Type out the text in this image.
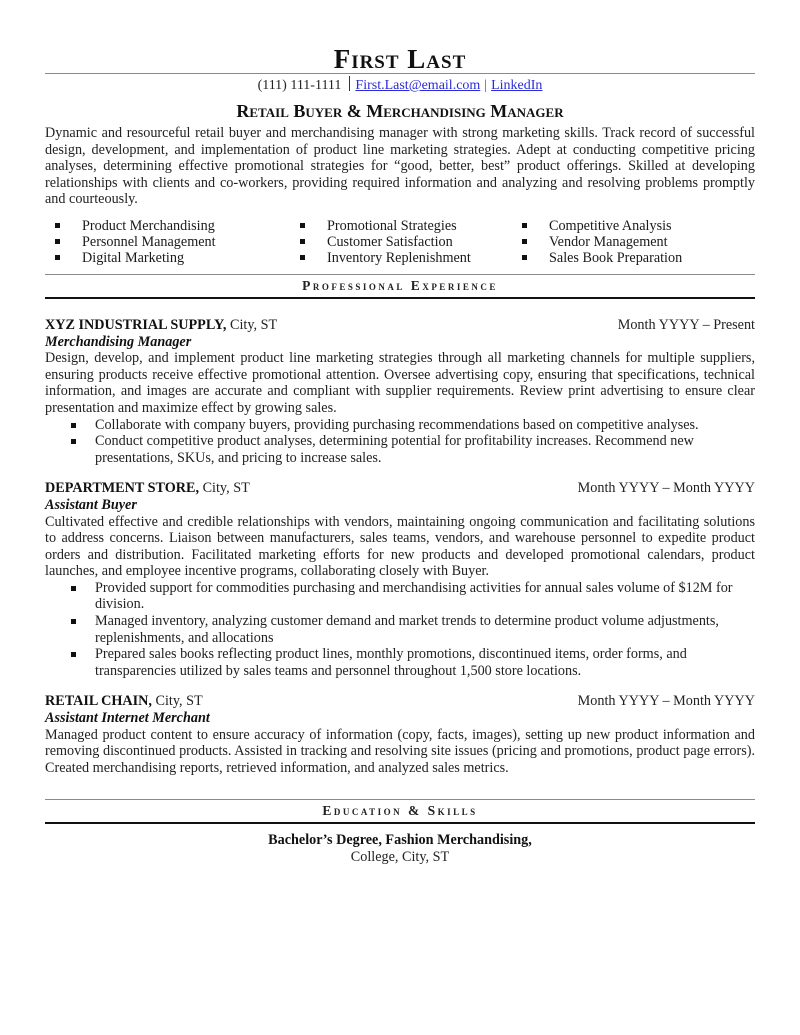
First Last
(111) 111-1111 First.Last@email.com | LinkedIn
Retail Buyer & Merchandising Manager
Dynamic and resourceful retail buyer and merchandising manager with strong marketing skills. Track record of successful design, development, and implementation of product line marketing strategies. Adept at conducting competitive pricing analyses, determining effective promotional strategies for “good, better, best” product offerings. Skilled at developing relationships with clients and co-workers, providing required information and analyzing and resolving problems promptly and courteously.
Product Merchandising
Personnel Management
Digital Marketing
Promotional Strategies
Customer Satisfaction
Inventory Replenishment
Competitive Analysis
Vendor Management
Sales Book Preparation
Professional Experience
XYZ INDUSTRIAL SUPPLY, City, ST	Month YYYY – Present
Merchandising Manager
Design, develop, and implement product line marketing strategies through all marketing channels for multiple suppliers, ensuring products receive effective promotional attention. Oversee advertising copy, ensuring that specifications, technical information, and images are accurate and compliant with supplier requirements. Review print advertising to ensure clear presentation and maximize effect by growing sales.
Collaborate with company buyers, providing purchasing recommendations based on competitive analyses.
Conduct competitive product analyses, determining potential for profitability increases. Recommend new presentations, SKUs, and pricing to increase sales.
DEPARTMENT STORE, City, ST	Month YYYY – Month YYYY
Assistant Buyer
Cultivated effective and credible relationships with vendors, maintaining ongoing communication and facilitating solutions to address concerns. Liaison between manufacturers, sales teams, vendors, and warehouse personnel to expedite product orders and distribution. Facilitated marketing efforts for new products and developed promotional calendars, product launches, and employee incentive programs, collaborating closely with Buyer.
Provided support for commodities purchasing and merchandising activities for annual sales volume of $12M for division.
Managed inventory, analyzing customer demand and market trends to determine product volume adjustments, replenishments, and allocations
Prepared sales books reflecting product lines, monthly promotions, discontinued items, order forms, and transparencies utilized by sales teams and personnel throughout 1,500 store locations.
RETAIL CHAIN, City, ST	Month YYYY – Month YYYY
Assistant Internet Merchant
Managed product content to ensure accuracy of information (copy, facts, images), setting up new product information and removing discontinued products. Assisted in tracking and resolving site issues (pricing and promotions, product page errors). Created merchandising reports, retrieved information, and analyzed sales metrics.
Education & Skills
Bachelor’s Degree, Fashion Merchandising,
College, City, ST
